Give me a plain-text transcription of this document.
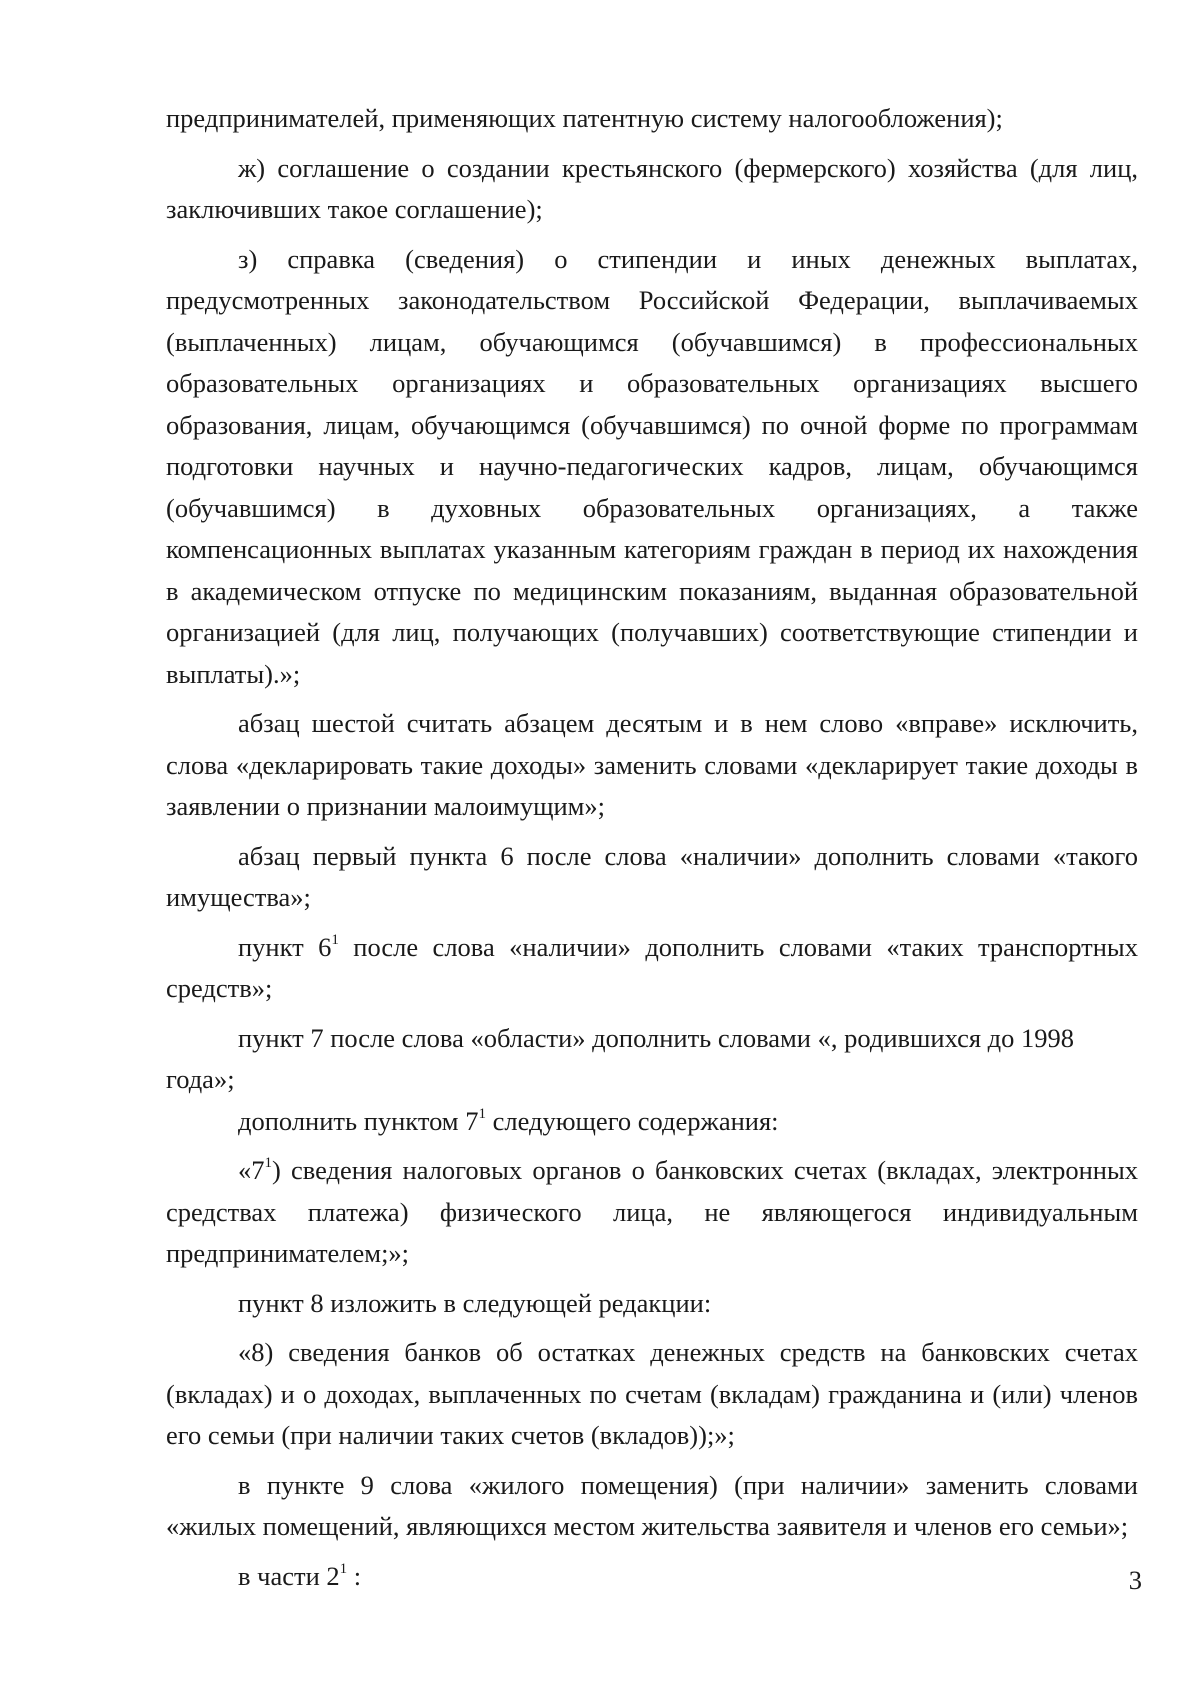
предпринимателей, применяющих патентную систему налогообложения);

ж) соглашение о создании крестьянского (фермерского) хозяйства (для лиц, заключивших такое соглашение);

з) справка (сведения) о стипендии и иных денежных выплатах, предусмотренных законодательством Российской Федерации, выплачиваемых (выплаченных) лицам, обучающимся (обучавшимся) в профессиональных образовательных организациях и образовательных организациях высшего образования, лицам, обучающимся (обучавшимся) по очной форме по программам подготовки научных и научно-педагогических кадров, лицам, обучающимся (обучавшимся) в духовных образовательных организациях, а также компенсационных выплатах указанным категориям граждан в период их нахождения в академическом отпуске по медицинским показаниям, выданная образовательной организацией (для лиц, получающих (получавших) соответствующие стипендии и выплаты).»;

абзац шестой считать абзацем десятым и в нем слово «вправе» исключить, слова «декларировать такие доходы» заменить словами «декларирует такие доходы в заявлении о признании малоимущим»;

абзац первый пункта 6 после слова «наличии» дополнить словами «такого имущества»;

пункт $6^1$ после слова «наличии» дополнить словами «таких транспортных средств»;

пункт 7 после слова «области» дополнить словами «, родившихся до 1998 года»;

дополнить пунктом $7^1$ следующего содержания:

«$7^1$) сведения налоговых органов о банковских счетах (вкладах, электронных средствах платежа) физического лица, не являющегося индивидуальным предпринимателем;»;

пункт 8 изложить в следующей редакции:

«8) сведения банков об остатках денежных средств на банковских счетах (вкладах) и о доходах, выплаченных по счетам (вкладам) гражданина и (или) членов его семьи (при наличии таких счетов (вкладов));»;

в пункте 9 слова «жилого помещения) (при наличии» заменить словами «жилых помещений, являющихся местом жительства заявителя и членов его семьи»;

в части $2^1$ :	3
